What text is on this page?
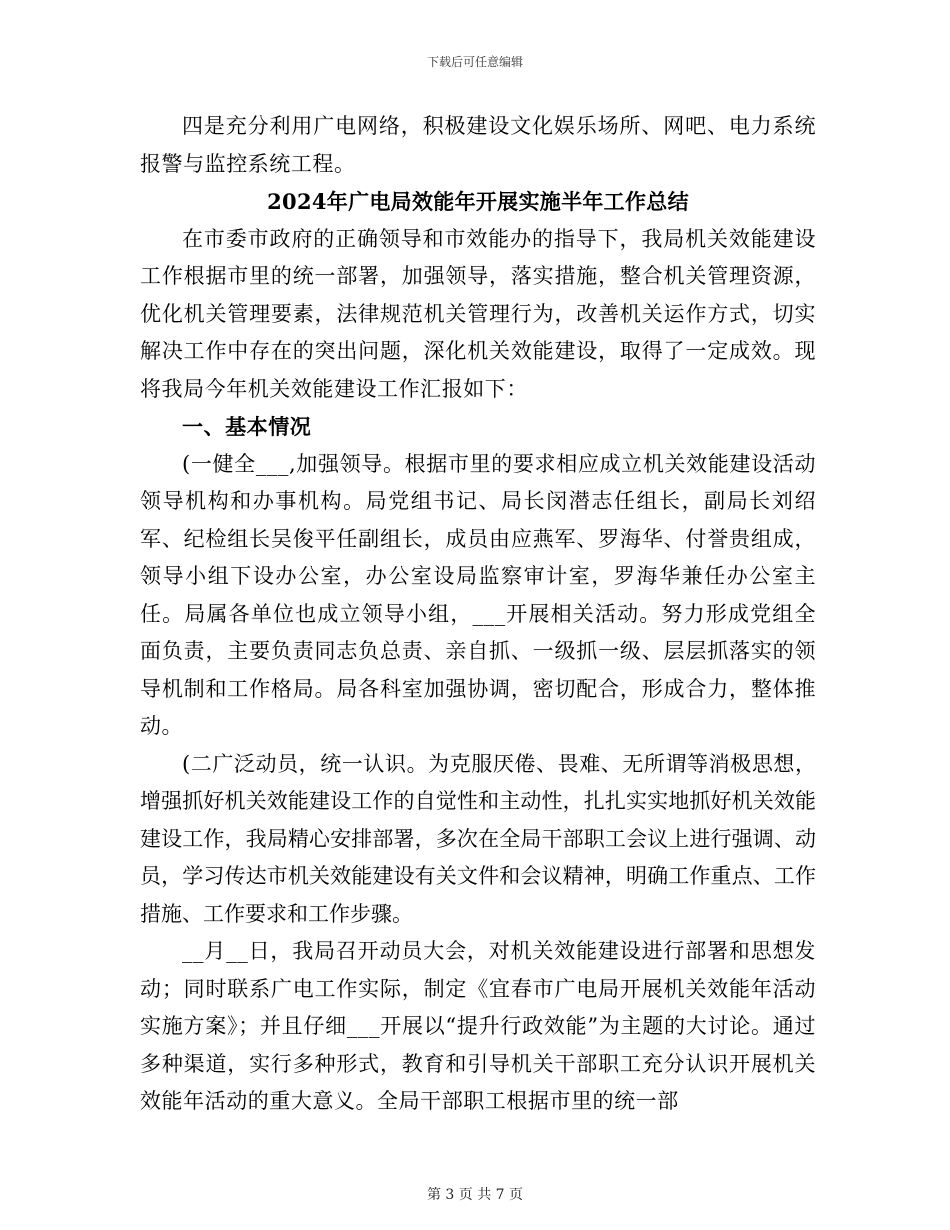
下载后可任意编辑

四是充分利用广电网络，积极建设文化娱乐场所、网吧、电力系统报警与监控系统工程。

2024年广电局效能年开展实施半年工作总结

在市委市政府的正确领导和市效能办的指导下，我局机关效能建设工作根据市里的统一部署，加强领导，落实措施，整合机关管理资源，优化机关管理要素，法律规范机关管理行为，改善机关运作方式，切实解决工作中存在的突出问题，深化机关效能建设，取得了一定成效。现将我局今年机关效能建设工作汇报如下：

一、基本情况

(一健全___,加强领导。根据市里的要求相应成立机关效能建设活动领导机构和办事机构。局党组书记、局长闵潜志任组长，副局长刘绍军、纪检组长吴俊平任副组长，成员由应燕军、罗海华、付誉贵组成，领导小组下设办公室，办公室设局监察审计室，罗海华兼任办公室主任。局属各单位也成立领导小组，___开展相关活动。努力形成党组全面负责，主要负责同志负总责、亲自抓、一级抓一级、层层抓落实的领导机制和工作格局。局各科室加强协调，密切配合，形成合力，整体推动。

(二广泛动员，统一认识。为克服厌倦、畏难、无所谓等消极思想，增强抓好机关效能建设工作的自觉性和主动性，扎扎实实地抓好机关效能建设工作，我局精心安排部署，多次在全局干部职工会议上进行强调、动员，学习传达市机关效能建设有关文件和会议精神，明确工作重点、工作措施、工作要求和工作步骤。

__月__日，我局召开动员大会，对机关效能建设进行部署和思想发动；同时联系广电工作实际，制定《宜春市广电局开展机关效能年活动实施方案》；并且仔细___开展以“提升行政效能”为主题的大讨论。通过多种渠道，实行多种形式，教育和引导机关干部职工充分认识开展机关效能年活动的重大意义。全局干部职工根据市里的统一部

第 3 页 共 7 页
